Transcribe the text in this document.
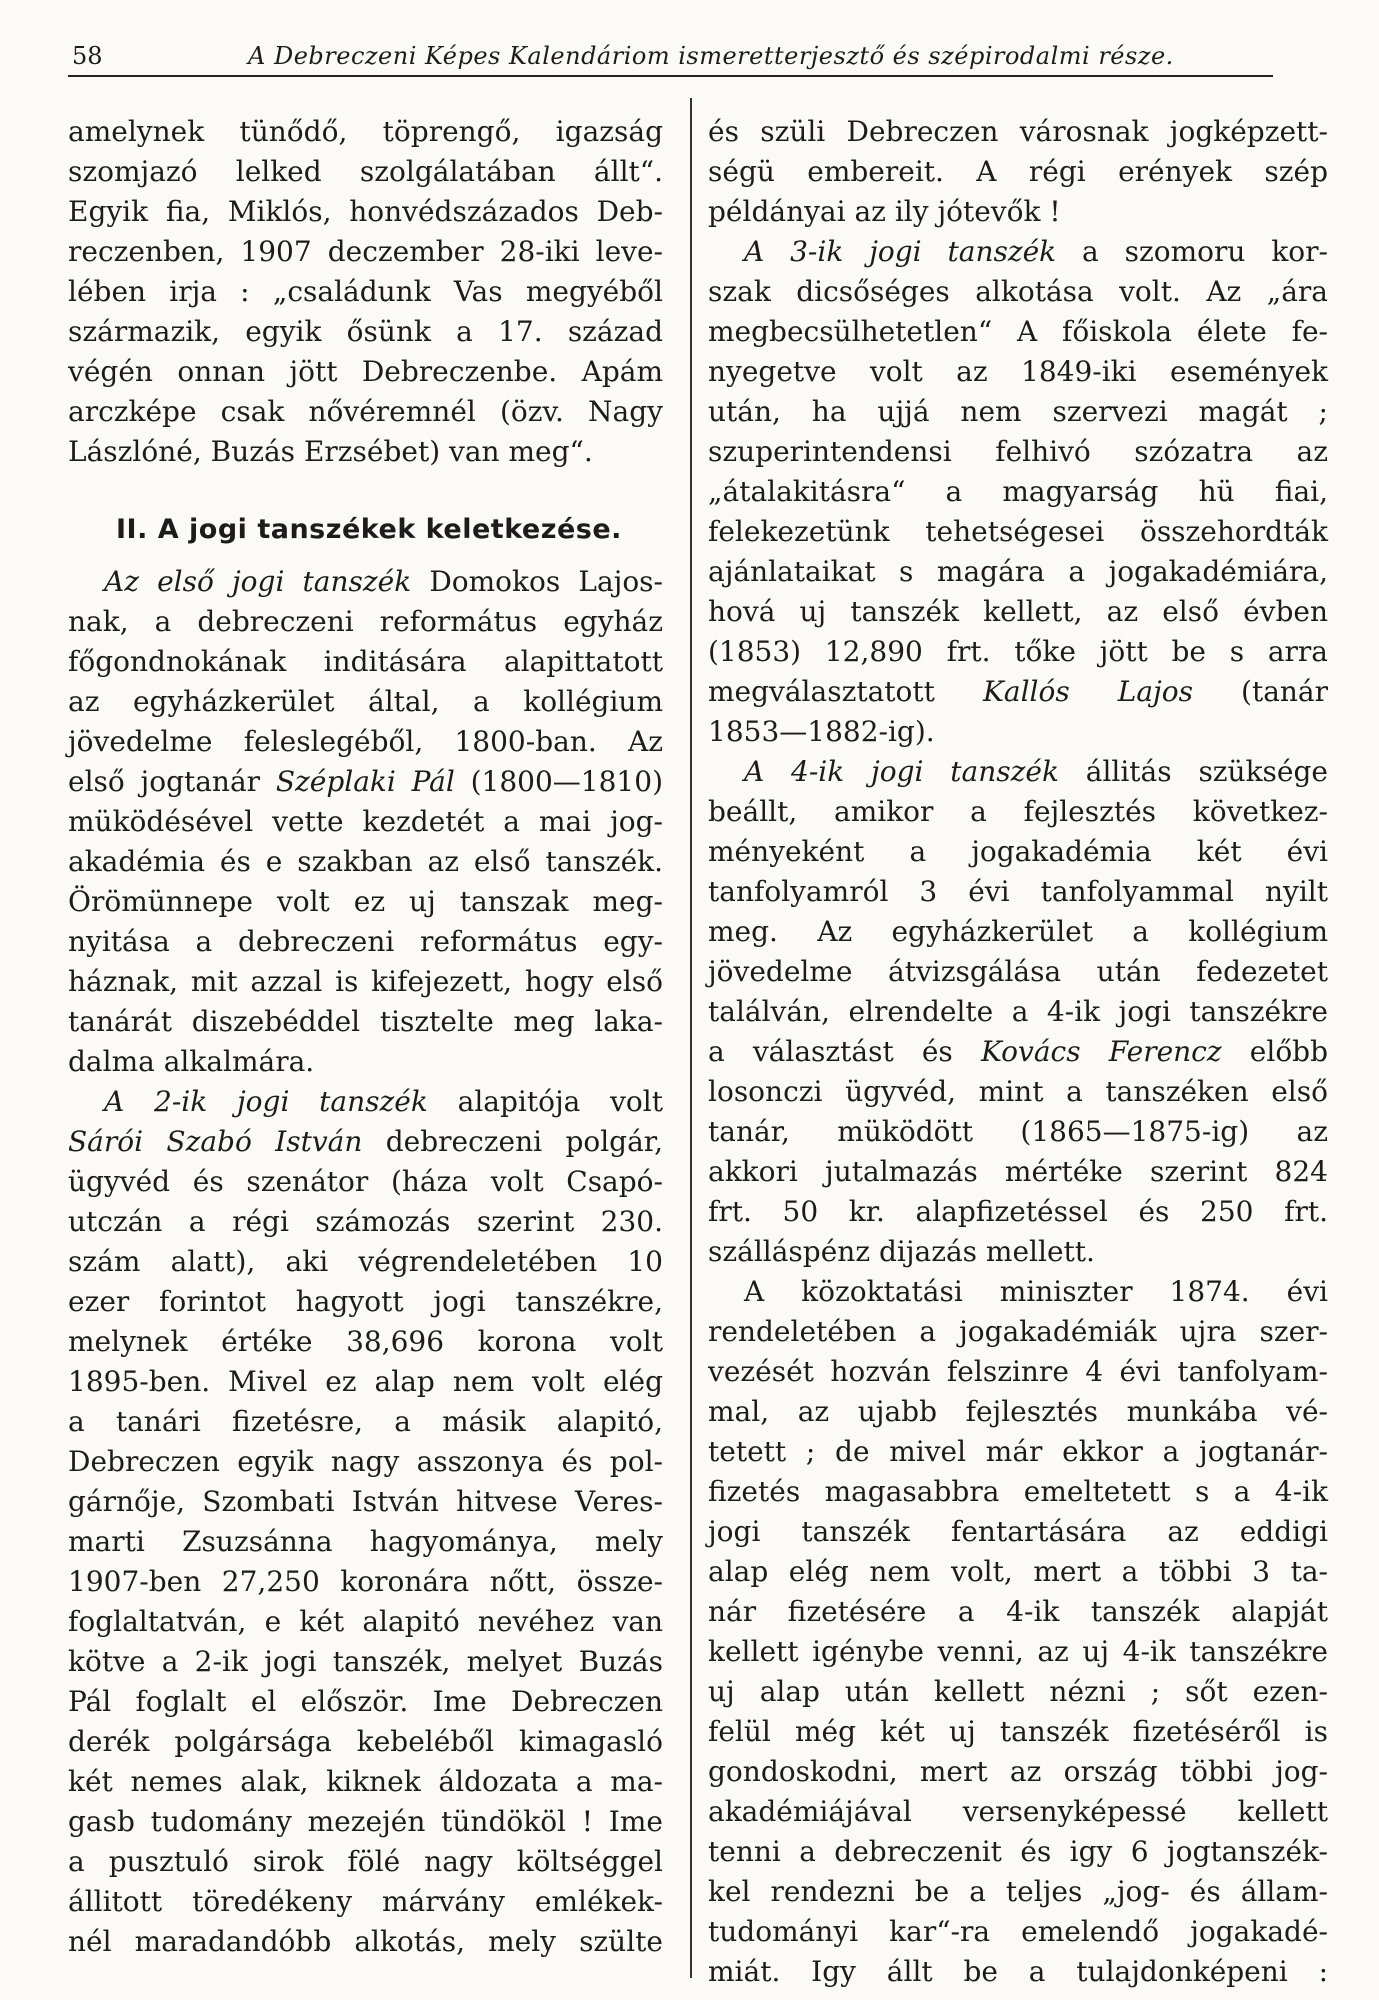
58	A Debreczeni Képes Kalendáriom ismeretterjesztő és szépirodalmi része.
amelynek tünődő, töprengő, igazság
szomjazó lelked szolgálatában állt“.
Egyik fia, Miklós, honvédszázados Deb-
reczenben, 1907 deczember 28-iki leve-
lében irja : „családunk Vas megyéből
származik, egyik ősünk a 17. század
végén onnan jött Debreczenbe. Apám
arczképe csak nővéremnél (özv. Nagy
Lászlóné, Buzás Erzsébet) van meg“.
II. A jogi tanszékek keletkezése.
Az első jogi tanszék Domokos Lajos-
nak, a debreczeni református egyház
főgondnokának inditására alapittatott
az egyházkerület által, a kollégium
jövedelme feleslegéből, 1800-ban. Az
első jogtanár Széplaki Pál (1800—1810)
müködésével vette kezdetét a mai jog-
akadémia és e szakban az első tanszék.
Örömünnepe volt ez uj tanszak meg-
nyitása a debreczeni református egy-
háznak, mit azzal is kifejezett, hogy első
tanárát diszebéddel tisztelte meg laka-
dalma alkalmára.
A 2-ik jogi tanszék alapitója volt
Sárói Szabó István debreczeni polgár,
ügyvéd és szenátor (háza volt Csapó-
utczán a régi számozás szerint 230.
szám alatt), aki végrendeletében 10
ezer forintot hagyott jogi tanszékre,
melynek értéke 38,696 korona volt
1895-ben. Mivel ez alap nem volt elég
a tanári fizetésre, a másik alapitó,
Debreczen egyik nagy asszonya és pol-
gárnője, Szombati István hitvese Veres-
marti Zsuzsánna hagyománya, mely
1907-ben 27,250 koronára nőtt, össze-
foglaltatván, e két alapitó nevéhez van
kötve a 2-ik jogi tanszék, melyet Buzás
Pál foglalt el először. Ime Debreczen
derék polgársága kebeléből kimagasló
két nemes alak, kiknek áldozata a ma-
gasb tudomány mezején tündököl ! Ime
a pusztuló sirok fölé nagy költséggel
állitott töredékeny márvány emlékek-
nél maradandóbb alkotás, mely szülte
és szüli Debreczen városnak jogképzett-
ségü embereit. A régi erények szép
példányai az ily jótevők !
A 3-ik jogi tanszék a szomoru kor-
szak dicsőséges alkotása volt. Az „ára
megbecsülhetetlen“ A főiskola élete fe-
nyegetve volt az 1849-iki események
után, ha ujjá nem szervezi magát ;
szuperintendensi felhivó szózatra az
„átalakitásra“ a magyarság hü fiai,
felekezetünk tehetségesei összehordták
ajánlataikat s magára a jogakadémiára,
hová uj tanszék kellett, az első évben
(1853) 12,890 frt. tőke jött be s arra
megválasztatott Kallós Lajos (tanár
1853—1882-ig).
A 4-ik jogi tanszék állitás szüksége
beállt, amikor a fejlesztés következ-
ményeként a jogakadémia két évi
tanfolyamról 3 évi tanfolyammal nyilt
meg. Az egyházkerület a kollégium
jövedelme átvizsgálása után fedezetet
találván, elrendelte a 4-ik jogi tanszékre
a választást és Kovács Ferencz előbb
losonczi ügyvéd, mint a tanszéken első
tanár, müködött (1865—1875-ig) az
akkori jutalmazás mértéke szerint 824
frt. 50 kr. alapfizetéssel és 250 frt.
szálláspénz dijazás mellett.
A közoktatási miniszter 1874. évi
rendeletében a jogakadémiák ujra szer-
vezését hozván felszinre 4 évi tanfolyam-
mal, az ujabb fejlesztés munkába vé-
tetett ; de mivel már ekkor a jogtanár-
fizetés magasabbra emeltetett s a 4-ik
jogi tanszék fentartására az eddigi
alap elég nem volt, mert a többi 3 ta-
nár fizetésére a 4-ik tanszék alapját
kellett igénybe venni, az uj 4-ik tanszékre
uj alap után kellett nézni ; sőt ezen-
felül még két uj tanszék fizetéséről is
gondoskodni, mert az ország többi jog-
akadémiájával versenyképessé kellett
tenni a debreczenit és igy 6 jogtanszék-
kel rendezni be a teljes „jog- és állam-
tudományi kar“-ra emelendő jogakadé-
miát. Igy állt be a tulajdonképeni :
